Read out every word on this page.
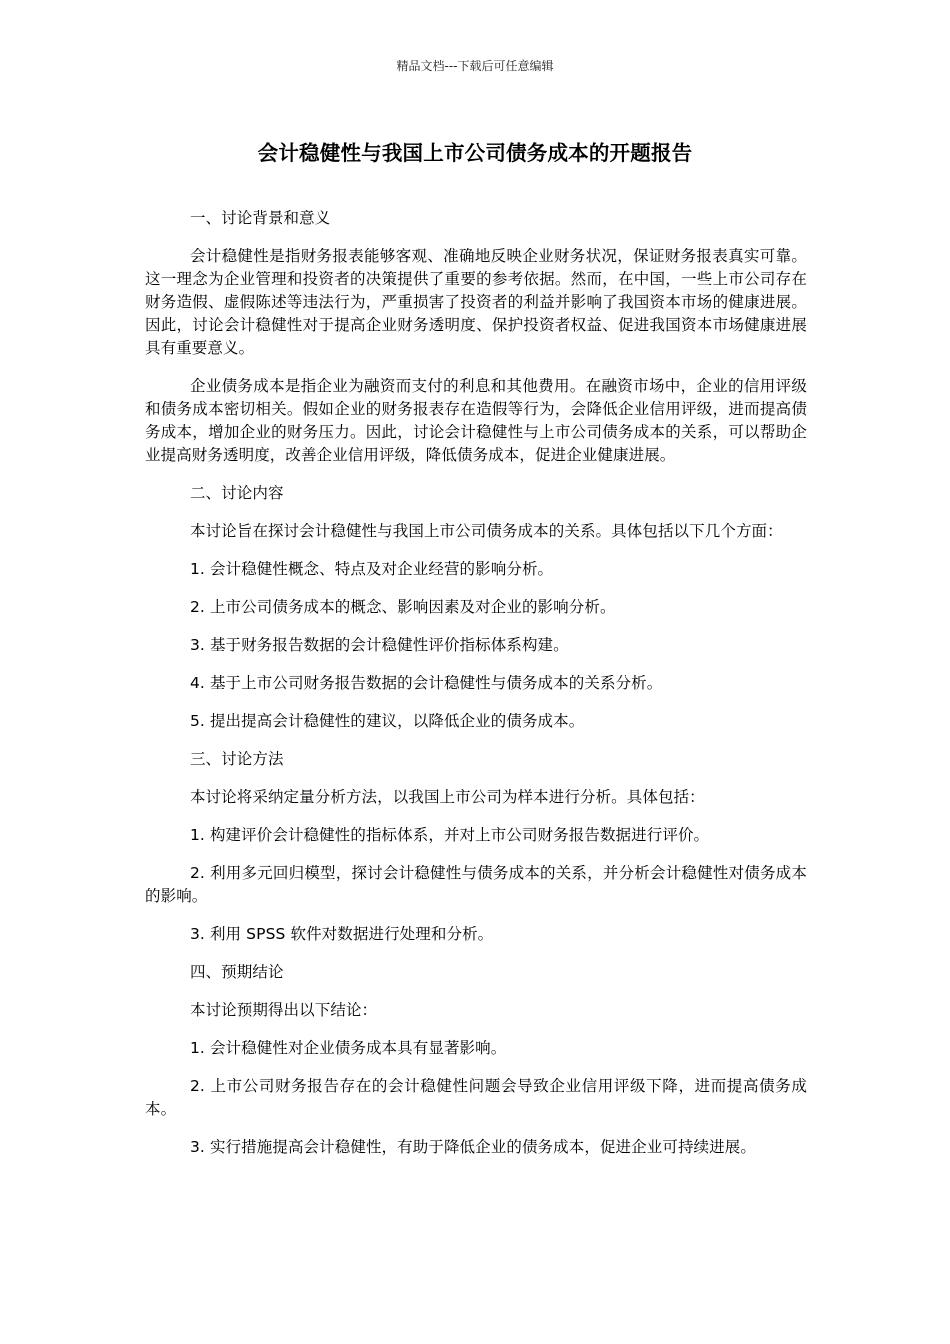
精品文档---下载后可任意编辑
会计稳健性与我国上市公司债务成本的开题报告

一、讨论背景和意义

会计稳健性是指财务报表能够客观、准确地反映企业财务状况，保证财务报表真实可靠。这一理念为企业管理和投资者的决策提供了重要的参考依据。然而，在中国，一些上市公司存在财务造假、虚假陈述等违法行为，严重损害了投资者的利益并影响了我国资本市场的健康进展。因此，讨论会计稳健性对于提高企业财务透明度、保护投资者权益、促进我国资本市场健康进展具有重要意义。

企业债务成本是指企业为融资而支付的利息和其他费用。在融资市场中，企业的信用评级和债务成本密切相关。假如企业的财务报表存在造假等行为，会降低企业信用评级，进而提高债务成本，增加企业的财务压力。因此，讨论会计稳健性与上市公司债务成本的关系，可以帮助企业提高财务透明度，改善企业信用评级，降低债务成本，促进企业健康进展。

二、讨论内容

本讨论旨在探讨会计稳健性与我国上市公司债务成本的关系。具体包括以下几个方面：

1. 会计稳健性概念、特点及对企业经营的影响分析。

2. 上市公司债务成本的概念、影响因素及对企业的影响分析。

3. 基于财务报告数据的会计稳健性评价指标体系构建。

4. 基于上市公司财务报告数据的会计稳健性与债务成本的关系分析。

5. 提出提高会计稳健性的建议，以降低企业的债务成本。

三、讨论方法

本讨论将采纳定量分析方法，以我国上市公司为样本进行分析。具体包括：

1. 构建评价会计稳健性的指标体系，并对上市公司财务报告数据进行评价。

2. 利用多元回归模型，探讨会计稳健性与债务成本的关系，并分析会计稳健性对债务成本的影响。

3. 利用 SPSS 软件对数据进行处理和分析。

四、预期结论

本讨论预期得出以下结论：

1. 会计稳健性对企业债务成本具有显著影响。

2. 上市公司财务报告存在的会计稳健性问题会导致企业信用评级下降，进而提高债务成本。

3. 实行措施提高会计稳健性，有助于降低企业的债务成本，促进企业可持续进展。
